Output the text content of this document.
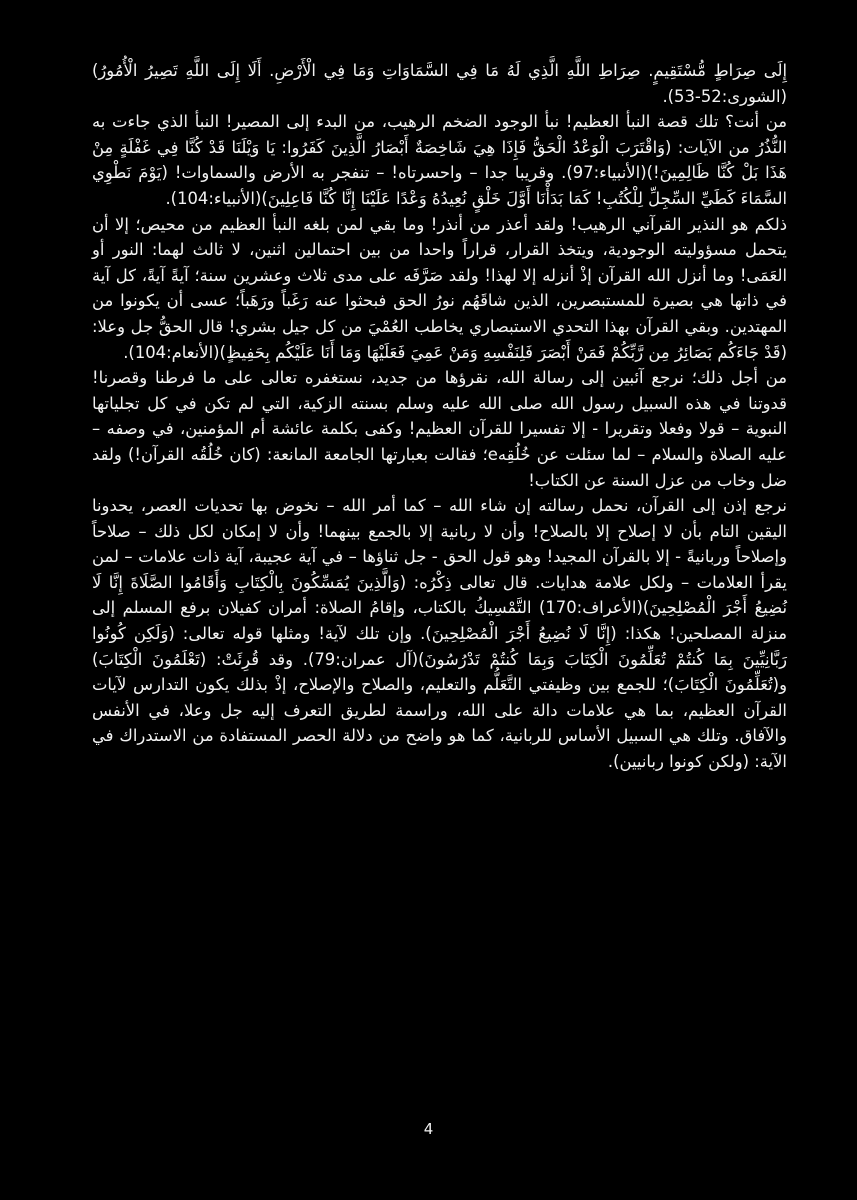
إِلَى صِرَاطٍ مُّسْتَقِيمٍ. صِرَاطِ اللَّهِ الَّذِي لَهُ مَا فِي السَّمَاوَاتِ وَمَا فِي الْأَرْضِ. أَلَا إِلَى اللَّهِ تَصِيرُ الْأُمُورُ)(الشورى:52-53).

من أنت؟ تلك قصة النبأ العظيم! نبأ الوجود الضخم الرهيب، من البدء إلى المصير! النبأ الذي جاءت به النُّذُرُ من الآيات: (وَاقْتَرَبَ الْوَعْدُ الْحَقُّ فَإِذَا هِيَ شَاخِصَةٌ أَبْصَارُ الَّذِينَ كَفَرُوا: يَا وَيْلَنَا قَدْ كُنَّا فِي غَفْلَةٍ مِنْ هَذَا بَلْ كُنَّا ظَالِمِينَ!)(الأنبياء:97). وقريبا جدا – واحسرتاه! – تنفجر به الأرض والسماوات! (يَوْمَ نَطْوِي السَّمَاءَ كَطَيِّ السِّجِلِّ لِلْكُتُبِ! كَمَا بَدَأْنَا أَوَّلَ خَلْقٍ نُعِيدُهُ وَعْدًا عَلَيْنَا إِنَّا كُنَّا فَاعِلِينَ)(الأنبياء:104).

ذلكم هو النذير القرآني الرهيب! ولقد أعذر من أنذر! وما بقي لمن بلغه النبأ العظيم من محيص؛ إلا أن يتحمل مسؤوليته الوجودية، ويتخذ القرار، قراراً واحدا من بين احتمالين اثنين، لا ثالث لهما: النور أو العَمَى! وما أنزل الله القرآن إذْ أنزله إلا لهذا! ولقد صَرَّفَه على مدى ثلاث وعشرين سنة؛ آيةً آيةً، كل آية في ذاتها هي بصيرة للمستبصرين، الذين شاقَهُم نورُ الحق فبحثوا عنه رَغَباً ورَهَباً؛ عسى أن يكونوا من المهتدين. وبقي القرآن بهذا التحدي الاستبصاري يخاطب العُمْيَ من كل جيل بشري! قال الحقُّ جل وعلا: (قَدْ جَاءَكُم بَصَائِرُ مِن رَّبِّكُمْ فَمَنْ أَبْصَرَ فَلِنَفْسِهِ وَمَنْ عَمِيَ فَعَلَيْهَا وَمَا أَنَا عَلَيْكُم بِحَفِيظٍ)(الأنعام:104).

من أجل ذلك؛ نرجع آئبين إلى رسالة الله، نقرؤها من جديد، نستغفره تعالى على ما فرطنا وقصرنا! قدوتنا في هذه السبيل رسول الله صلى الله عليه وسلم بسنته الزكية، التي لم تكن في كل تجلياتها النبوية – قولا وفعلا وتقريرا - إلا تفسيرا للقرآن العظيم! وكفى بكلمة عائشة أم المؤمنين، في وصفه – عليه الصلاة والسلام – لما سئلت عن خُلُقِهe؛ فقالت بعبارتها الجامعة المانعة: (كان خُلُقُه القرآن!) ولقد ضل وخاب من عزل السنة عن الكتاب!

نرجع إذن إلى القرآن، نحمل رسالته إن شاء الله – كما أمر الله – نخوض بها تحديات العصر، يحدونا اليقين التام بأن لا إصلاح إلا بالصلاح! وأن لا ربانية إلا بالجمع بينهما! وأن لا إمكان لكل ذلك – صلاحاً وإصلاحاً وربانيةً - إلا بالقرآن المجيد! وهو قول الحق - جل ثناؤها – في آية عجيبة، آية ذات علامات – لمن يقرأ العلامات – ولكل علامة هدايات. قال تعالى ذِكْرُه: (وَالَّذِينَ يُمَسِّكُونَ بِالْكِتَابِ وَأَقَامُوا الصَّلَاةَ إِنَّا لَا نُضِيعُ أَجْرَ الْمُصْلِحِينَ)(الأعراف:170) التَّمْسِيكُ بالكتاب، وإقامُ الصلاة: أمران كفيلان برفع المسلم إلى منزلة المصلحين! هكذا: (إِنَّا لَا نُضِيعُ أَجْرَ الْمُصْلِحِينَ). وإن تلك لآية! ومثلها قوله تعالى: (وَلَكِن كُونُوا رَبَّانِيِّينَ بِمَا كُنتُمْ تُعَلِّمُونَ الْكِتَابَ وَبِمَا كُنتُمْ تَدْرُسُونَ)(آل عمران:79). وقد قُرِئَتْ: (تَعْلَمُونَ الْكِتَابَ) و(تُعَلِّمُونَ الْكِتَابَ)؛ للجمع بين وظيفتي التَّعَلُّم والتعليم، والصلاح والإصلاح، إذْ بذلك يكون التدارس لآيات القرآن العظيم، بما هي علامات دالة على الله، وراسمة لطريق التعرف إليه جل وعلا، في الأنفس والآفاق. وتلك هي السبيل الأساس للربانية، كما هو واضح من دلالة الحصر المستفادة من الاستدراك في الآية: (ولكن كونوا ربانيين).

4
